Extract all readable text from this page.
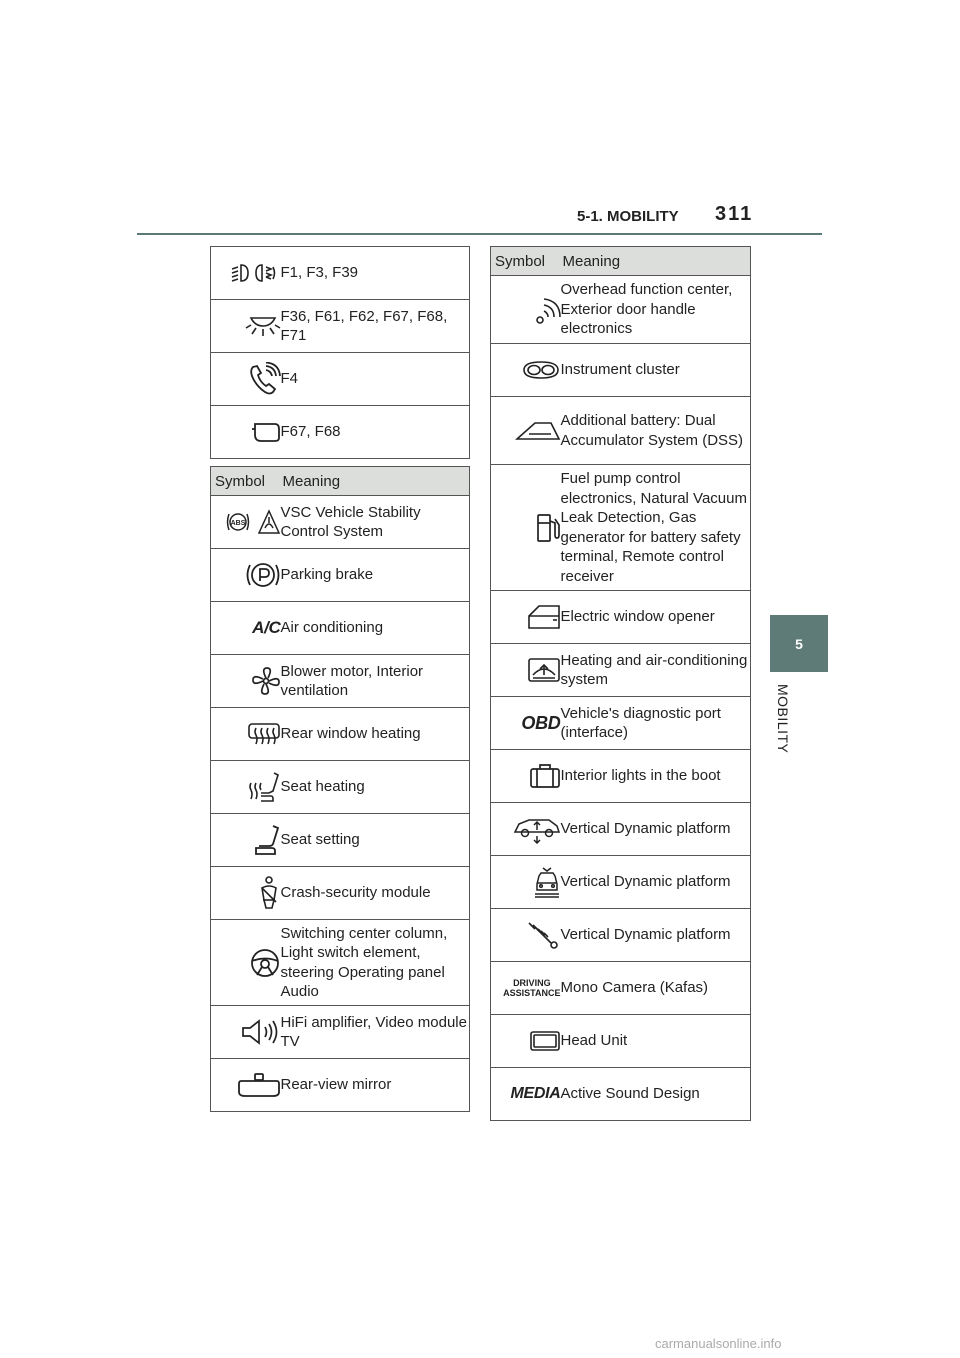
5-1. MOBILITY 311
5
MOBILITY
	F1, F3, F39

	F36, F61, F62, F67, F68, F71

	F4

	F67, F68
Symbol	Meaning

ABS	VSC Vehicle Stability Control System

	Parking brake
A/C	Air conditioning

	Blower motor, Interior ventilation

	Rear window heating

	Seat heating

	Seat setting

	Crash-security module

	Switching center column, Light switch element, steering Operating panel Audio

	HiFi amplifier, Video module TV

	Rear-view mirror
Symbol	Meaning

	Overhead function center, Exterior door handle electronics

	Instrument cluster

	Additional battery: Dual Accumulator System (DSS)

	Fuel pump control electronics, Natural Vacuum Leak Detection, Gas generator for battery safety terminal, Remote control receiver

	Electric window opener

	Heating and air-conditioning system
OBD	Vehicle's diagnostic port (interface)

	Interior lights in the boot

	Vertical Dynamic platform

	Vertical Dynamic platform

	Vertical Dynamic platform
DRIVING
ASSISTANCE	Mono Camera (Kafas)

	Head Unit
MEDIA	Active Sound Design
carmanualsonline.info
